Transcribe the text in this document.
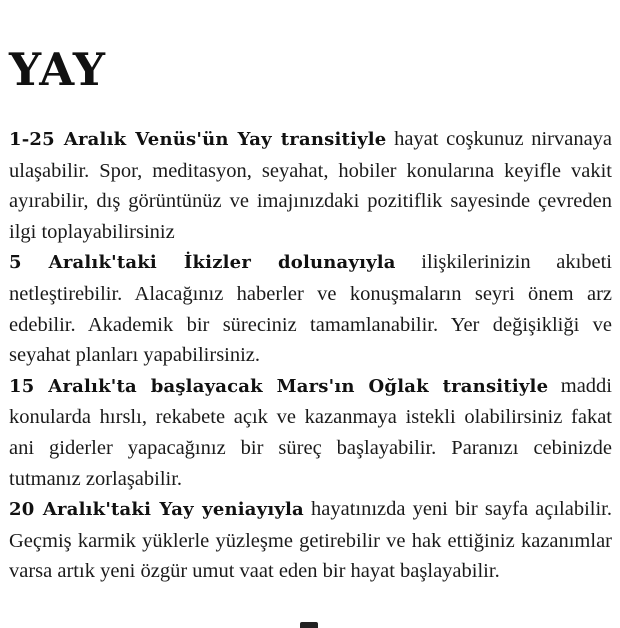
YAY

1-25 Aralık Venüs'ün Yay transitiyle hayat coşkunuz nirvanaya ulaşabilir. Spor, meditasyon, seyahat, hobiler konularına keyifle vakit ayırabilir, dış görüntünüz ve imajınızdaki pozitiflik sayesinde çevreden ilgi toplayabilirsiniz

5 Aralık'taki İkizler dolunayıyla ilişkilerinizin akıbeti netleştirebilir. Alacağınız haberler ve konuşmaların seyri önem arz edebilir. Akademik bir süreciniz tamamlanabilir. Yer değişikliği ve seyahat planları yapabilirsiniz.

15 Aralık'ta başlayacak Mars'ın Oğlak transitiyle maddi konularda hırslı, rekabete açık ve kazanmaya istekli olabilirsiniz fakat ani giderler yapacağınız bir süreç başlayabilir. Paranızı cebinizde tutmanız zorlaşabilir.

20 Aralık'taki Yay yeniayıyla hayatınızda yeni bir sayfa açılabilir. Geçmiş karmik yüklerle yüzleşme getirebilir ve hak ettiğiniz kazanımlar varsa artık yeni özgür umut vaat eden bir hayat başlayabilir.
